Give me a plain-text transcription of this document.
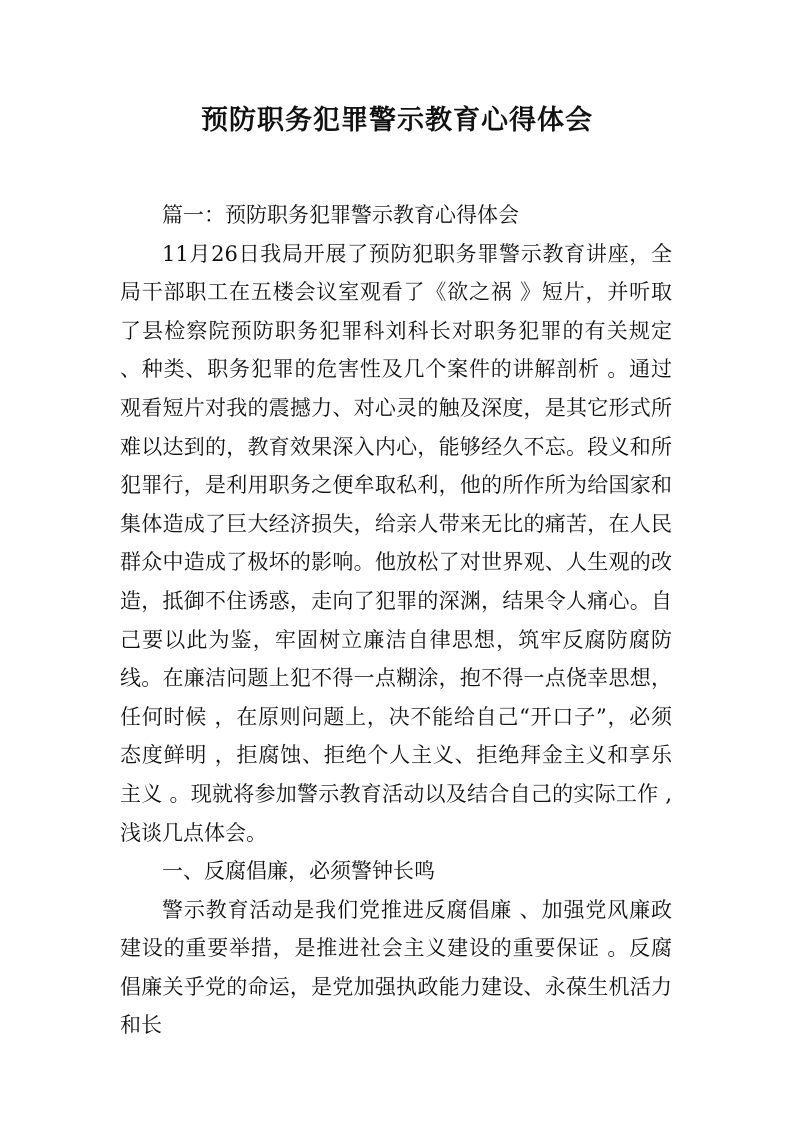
预防职务犯罪警示教育心得体会

篇一：预防职务犯罪警示教育心得体会

11月26日我局开展了预防犯职务罪警示教育讲座，全局干部职工在五楼会议室观看了《欲之祸 》短片，并听取了县检察院预防职务犯罪科刘科长对职务犯罪的有关规定 、种类、职务犯罪的危害性及几个案件的讲解剖析 。通过观看短片对我的震撼力、对心灵的触及深度，是其它形式所难以达到的，教育效果深入内心，能够经久不忘。段义和所犯罪行，是利用职务之便牟取私利，他的所作所为给国家和集体造成了巨大经济损失，给亲人带来无比的痛苦，在人民群众中造成了极坏的影响。他放松了对世界观、人生观的改造，抵御不住诱惑，走向了犯罪的深渊，结果令人痛心。自己要以此为鉴，牢固树立廉洁自律思想，筑牢反腐防腐防线。在廉洁问题上犯不得一点糊涂，抱不得一点侥幸思想，任何时候 ，在原则问题上，决不能给自己“开口子”，必须态度鲜明 ，拒腐蚀、拒绝个人主义、拒绝拜金主义和享乐主义 。现就将参加警示教育活动以及结合自己的实际工作 ,浅谈几点体会。

一、反腐倡廉，必须警钟长鸣

警示教育活动是我们党推进反腐倡廉 、加强党风廉政建设的重要举措，是推进社会主义建设的重要保证 。反腐倡廉关乎党的命运，是党加强执政能力建设、永葆生机活力和长
